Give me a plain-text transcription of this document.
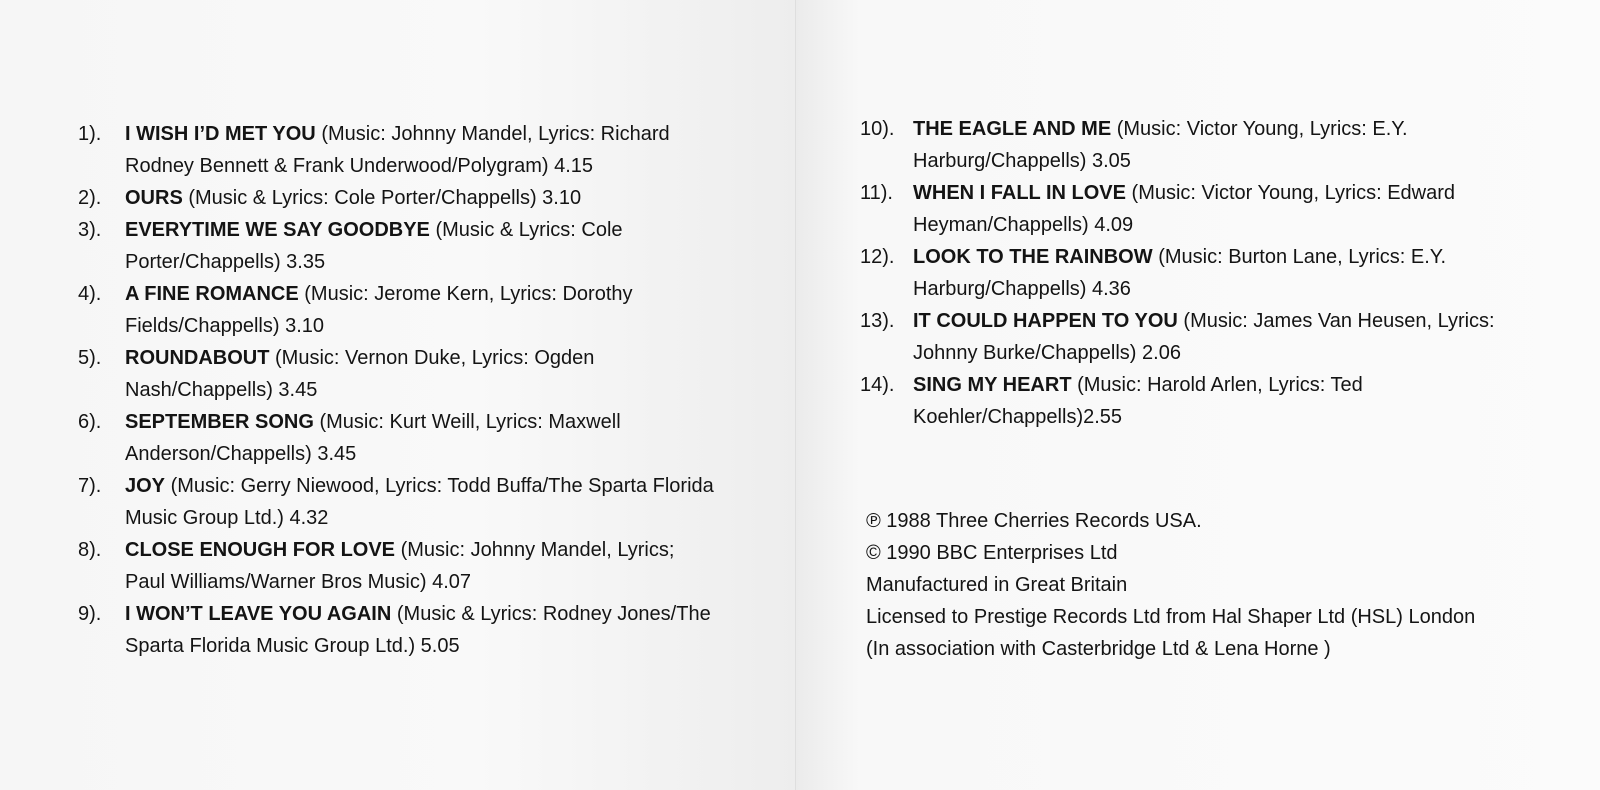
1). I WISH I’D MET YOU (Music: Johnny Mandel, Lyrics: Richard Rodney Bennett & Frank Underwood/Polygram) 4.15
2). OURS (Music & Lyrics: Cole Porter/Chappells) 3.10
3). EVERYTIME WE SAY GOODBYE (Music & Lyrics: Cole Porter/Chappells) 3.35
4). A FINE ROMANCE (Music: Jerome Kern, Lyrics: Dorothy Fields/Chappells) 3.10
5). ROUNDABOUT (Music: Vernon Duke, Lyrics: Ogden Nash/Chappells) 3.45
6). SEPTEMBER SONG (Music: Kurt Weill, Lyrics: Maxwell Anderson/Chappells) 3.45
7). JOY (Music: Gerry Niewood, Lyrics: Todd Buffa/The Sparta Florida Music Group Ltd.) 4.32
8). CLOSE ENOUGH FOR LOVE (Music: Johnny Mandel, Lyrics; Paul Williams/Warner Bros Music) 4.07
9). I WON’T LEAVE YOU AGAIN (Music & Lyrics: Rodney Jones/The Sparta Florida Music Group Ltd.) 5.05
10). THE EAGLE AND ME (Music: Victor Young, Lyrics: E.Y. Harburg/Chappells) 3.05
11). WHEN I FALL IN LOVE (Music: Victor Young, Lyrics: Edward Heyman/Chappells) 4.09
12). LOOK TO THE RAINBOW (Music: Burton Lane, Lyrics: E.Y. Harburg/Chappells) 4.36
13). IT COULD HAPPEN TO YOU (Music: James Van Heusen, Lyrics: Johnny Burke/Chappells) 2.06
14). SING MY HEART (Music: Harold Arlen, Lyrics: Ted Koehler/Chappells)2.55
℗ 1988 Three Cherries Records USA.
© 1990 BBC Enterprises Ltd
Manufactured in Great Britain
Licensed to Prestige Records Ltd from Hal Shaper Ltd (HSL) London
(In association with Casterbridge Ltd & Lena Horne )
